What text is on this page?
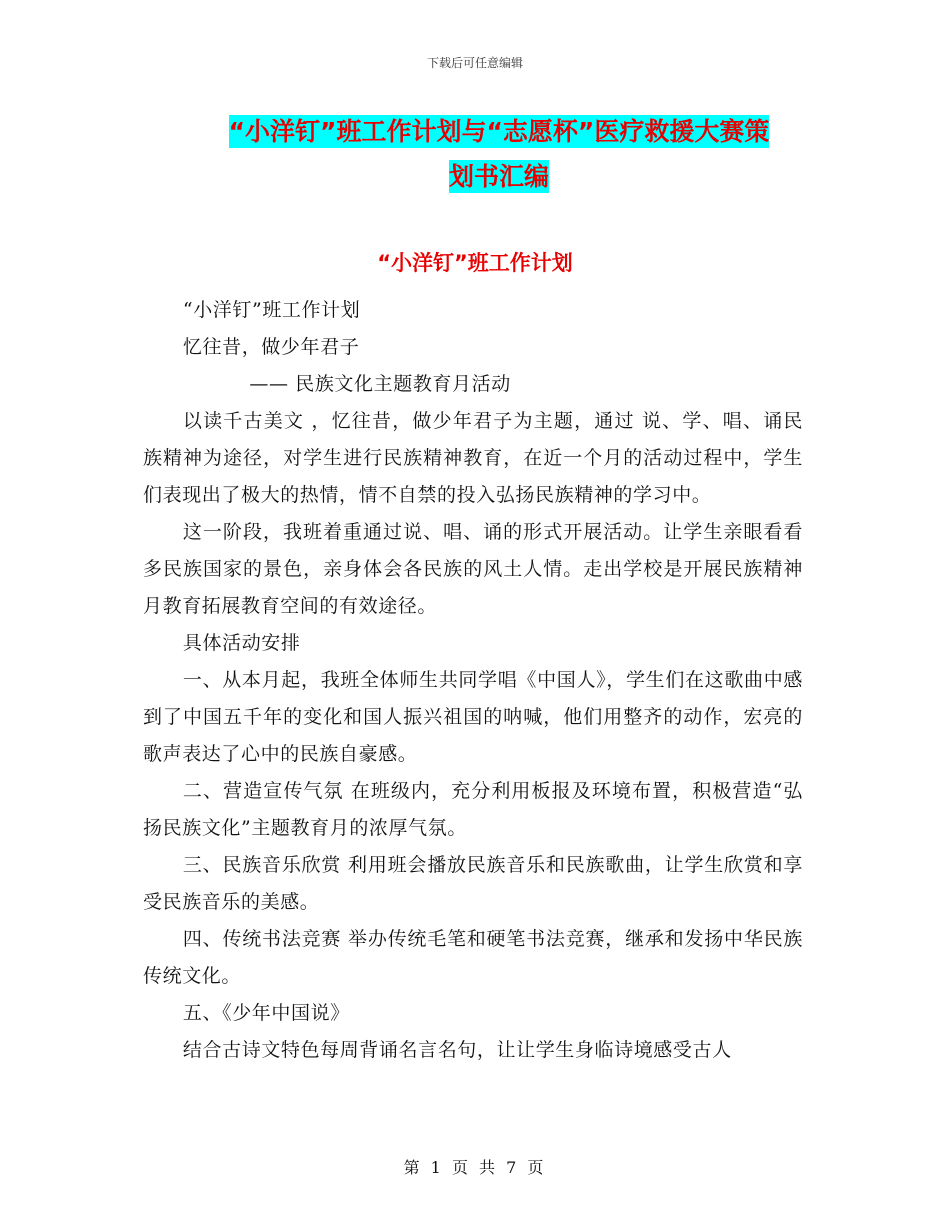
下载后可任意编辑
“小洋钉”班工作计划与“志愿杯”医疗救援大赛策
划书汇编
“小洋钉”班工作计划

“小洋钉”班工作计划

忆往昔，做少年君子

—— 民族文化主题教育月活动

以读千古美文 ，忆往昔，做少年君子为主题，通过 说、学、唱、诵民族精神为途径，对学生进行民族精神教育，在近一个月的活动过程中，学生们表现出了极大的热情，情不自禁的投入弘扬民族精神的学习中。

这一阶段，我班着重通过说、唱、诵的形式开展活动。让学生亲眼看看多民族国家的景色，亲身体会各民族的风土人情。走出学校是开展民族精神月教育拓展教育空间的有效途径。

具体活动安排

一、从本月起，我班全体师生共同学唱《中国人》，学生们在这歌曲中感到了中国五千年的变化和国人振兴祖国的呐喊，他们用整齐的动作，宏亮的歌声表达了心中的民族自豪感。

二、营造宣传气氛 在班级内，充分利用板报及环境布置，积极营造“弘扬民族文化”主题教育月的浓厚气氛。

三、民族音乐欣赏 利用班会播放民族音乐和民族歌曲，让学生欣赏和享受民族音乐的美感。

四、传统书法竞赛 举办传统毛笔和硬笔书法竞赛，继承和发扬中华民族传统文化。

五、《少年中国说》

结合古诗文特色每周背诵名言名句，让让学生身临诗境感受古人

第 1 页 共 7 页
